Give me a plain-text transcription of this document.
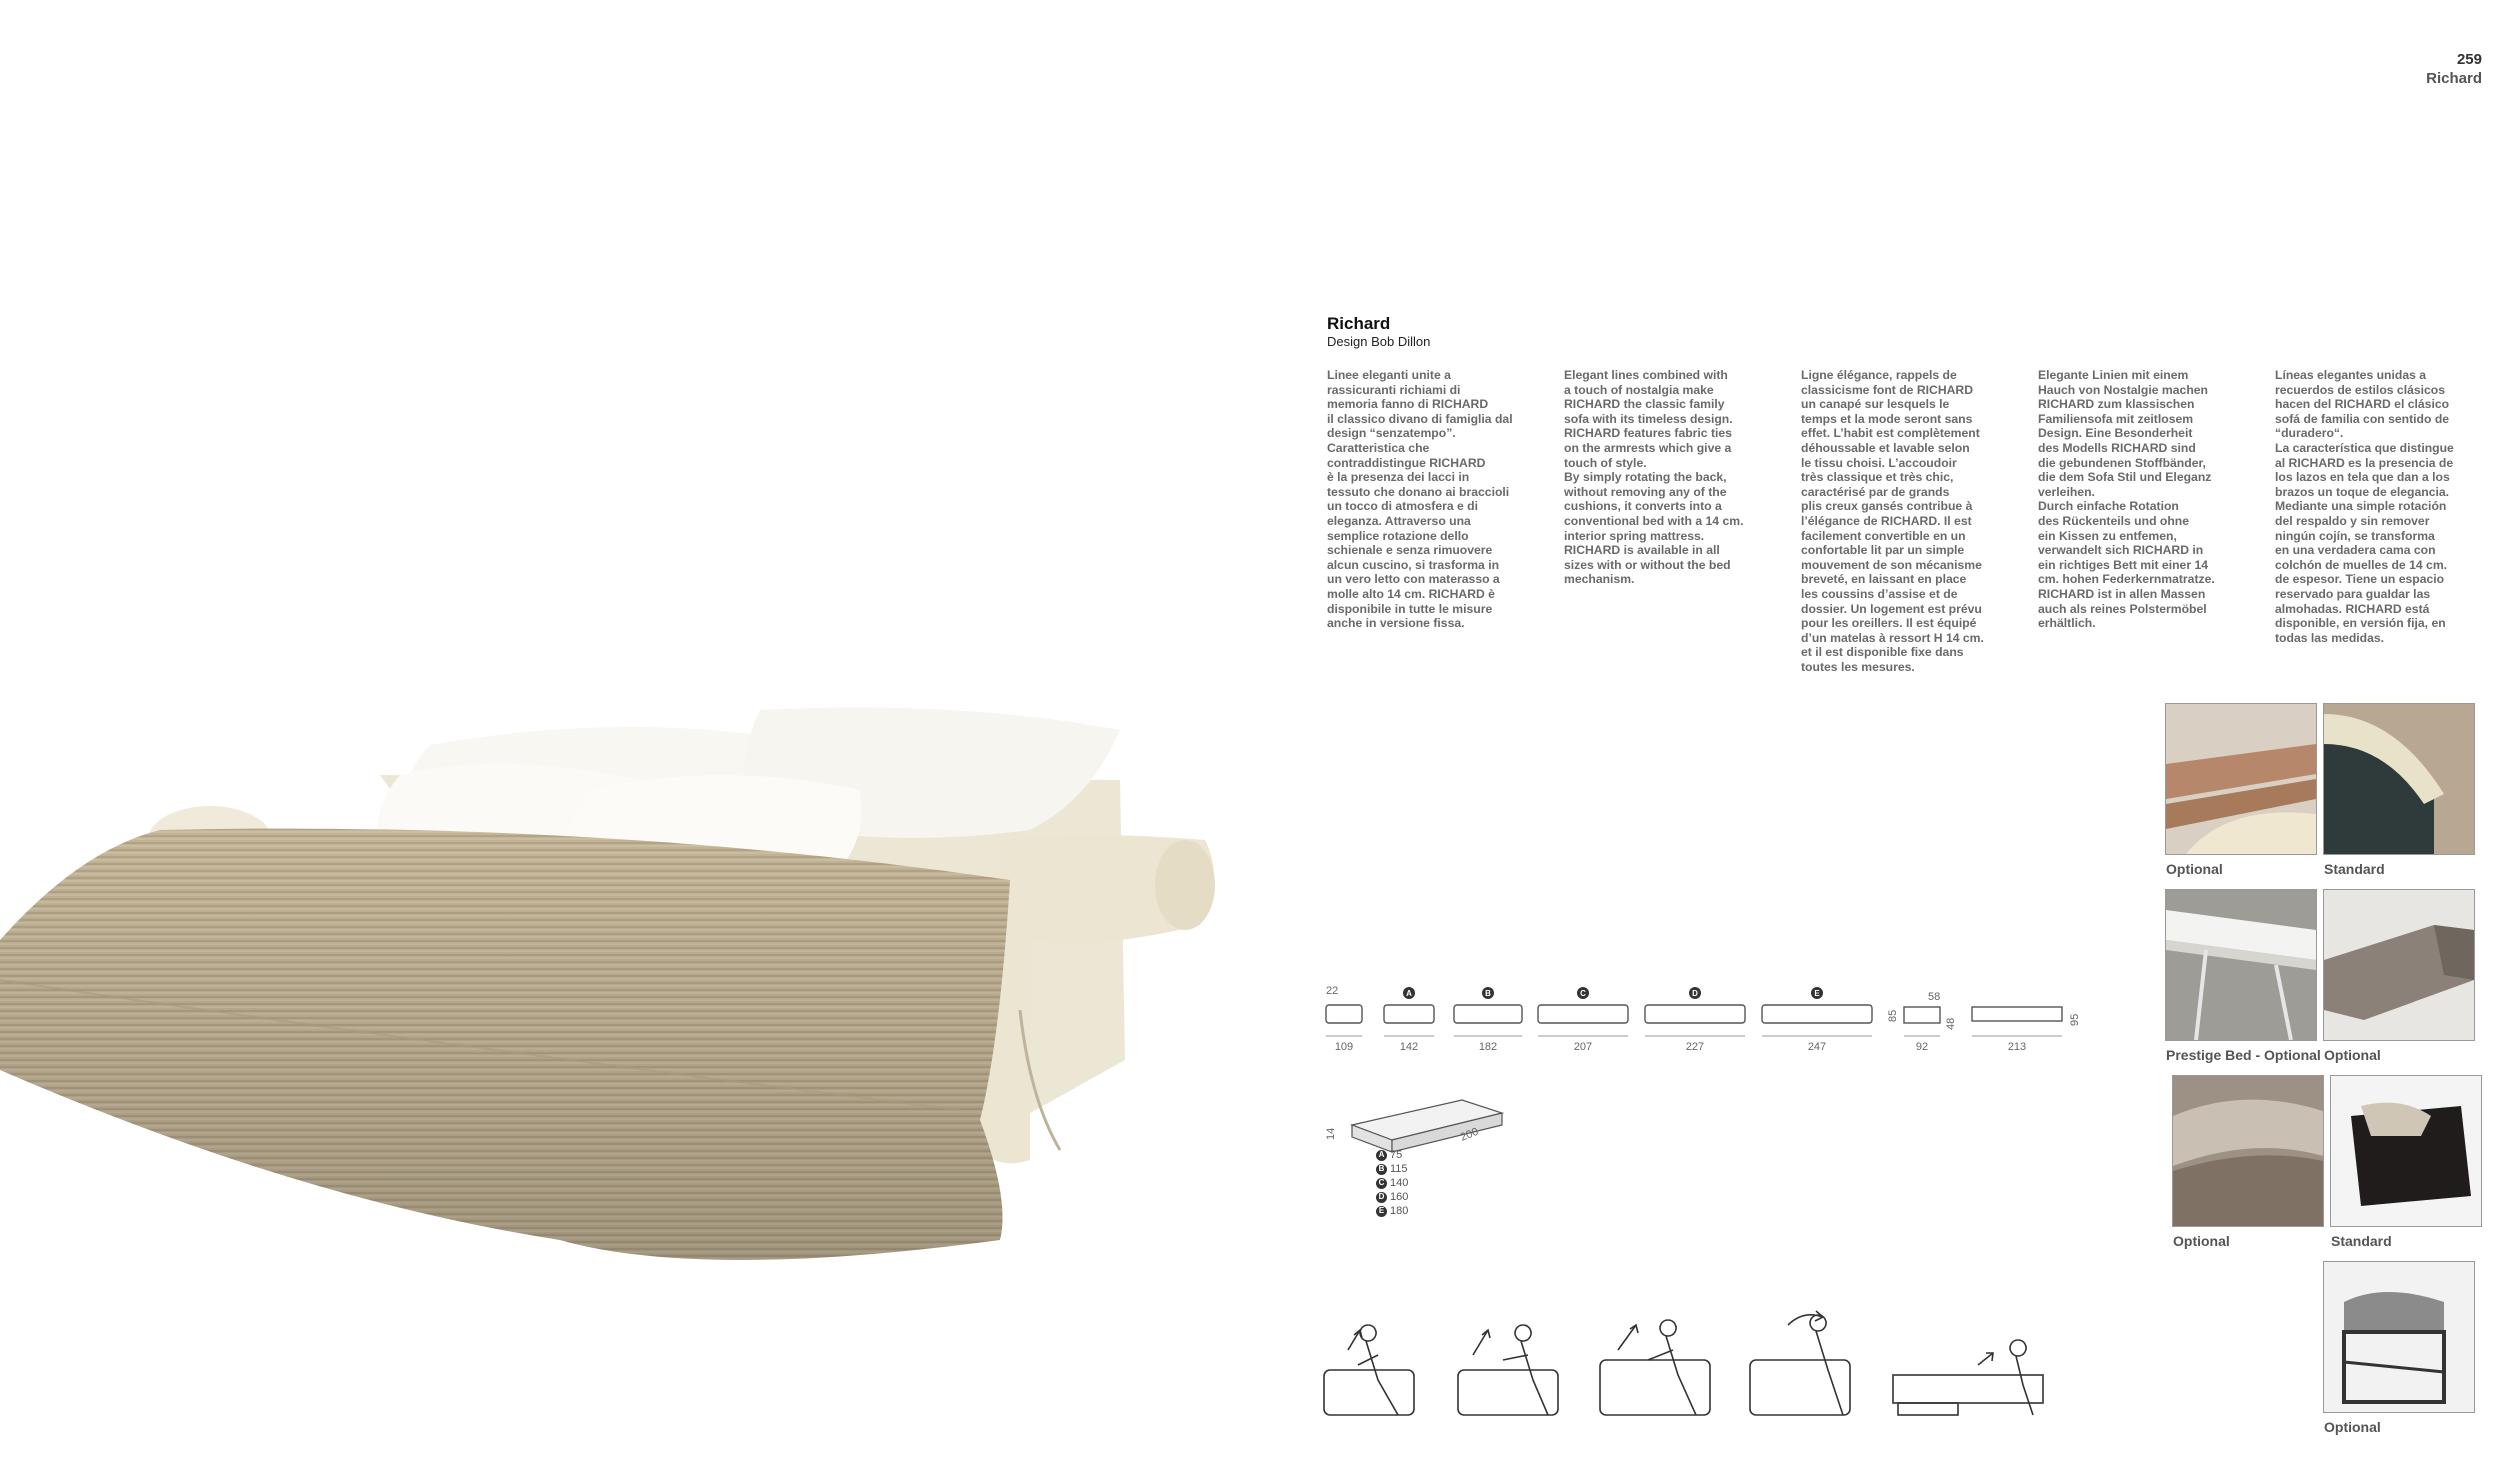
259
Richard
Richard
Design Bob Dillon
Linee eleganti unite a
rassicuranti richiami di
memoria fanno di RICHARD
il classico divano di famiglia dal
design “senzatempo”.
Caratteristica che
contraddistingue RICHARD
è la presenza dei lacci in
tessuto che donano ai braccioli
un tocco di atmosfera e di
eleganza. Attraverso una
semplice rotazione dello
schienale e senza rimuovere
alcun cuscino, si trasforma in
un vero letto con materasso a
molle alto 14 cm. RICHARD è
disponibile in tutte le misure
anche in versione fissa.
Elegant lines combined with
a touch of nostalgia make
RICHARD the classic family
sofa with its timeless design.
RICHARD features fabric ties
on the armrests which give a
touch of style.
By simply rotating the back,
without removing any of the
cushions, it converts into a
conventional bed with a 14 cm.
interior spring mattress.
RICHARD is available in all
sizes with or without the bed
mechanism.
Ligne élégance, rappels de
classicisme font de RICHARD
un canapé sur lesquels le
temps et la mode seront sans
effet. L’habit est complètement
déhoussable et lavable selon
le tissu choisi. L’accoudoir
très classique et très chic,
caractérisé par de grands
plis creux gansés contribue à
l’élégance de RICHARD. Il est
facilement convertible en un
confortable lit par un simple
mouvement de son mécanisme
breveté, en laissant en place
les coussins d’assise et de
dossier. Un logement est prévu
pour les oreillers. Il est équipé
d’un matelas à ressort H 14 cm.
et il est disponible fixe dans
toutes les mesures.
Elegante Linien mit einem
Hauch von Nostalgie machen
RICHARD zum klassischen
Familiensofa mit zeitlosem
Design. Eine Besonderheit
des Modells RICHARD sind
die gebundenen Stoffbänder,
die dem Sofa Stil und Eleganz
verleihen.
Durch einfache Rotation
des Rückenteils und ohne
ein Kissen zu entfemen,
verwandelt sich RICHARD in
ein richtiges Bett mit einer 14
cm. hohen Federkernmatratze.
RICHARD ist in allen Massen
auch als reines Polstermöbel
erhältlich.
Líneas elegantes unidas a
recuerdos de estilos clásicos
hacen del RICHARD el clásico
sofá de familia con sentido de
“duradero“.
La característica que distingue
al RICHARD es la presencia de
los lazos en tela que dan a los
brazos un toque de elegancia.
Mediante una simple rotación
del respaldo y sin remover
ningún cojín, se transforma
en una verdadera cama con
colchón de muelles de 14 cm.
de espesor. Tiene un espacio
reservado para guaIdar las
almohadas. RICHARD está
disponible, en versión fija, en
todas las medidas.
Optional	Standard
Prestige Bed - Optional Optional
Optional	Standard
Optional
22	A	B	C	D	E
109	142	182	207	227	247
58
85
48
92	213
95
14	200
A 75
B 115
C 140
D 160
E 180
